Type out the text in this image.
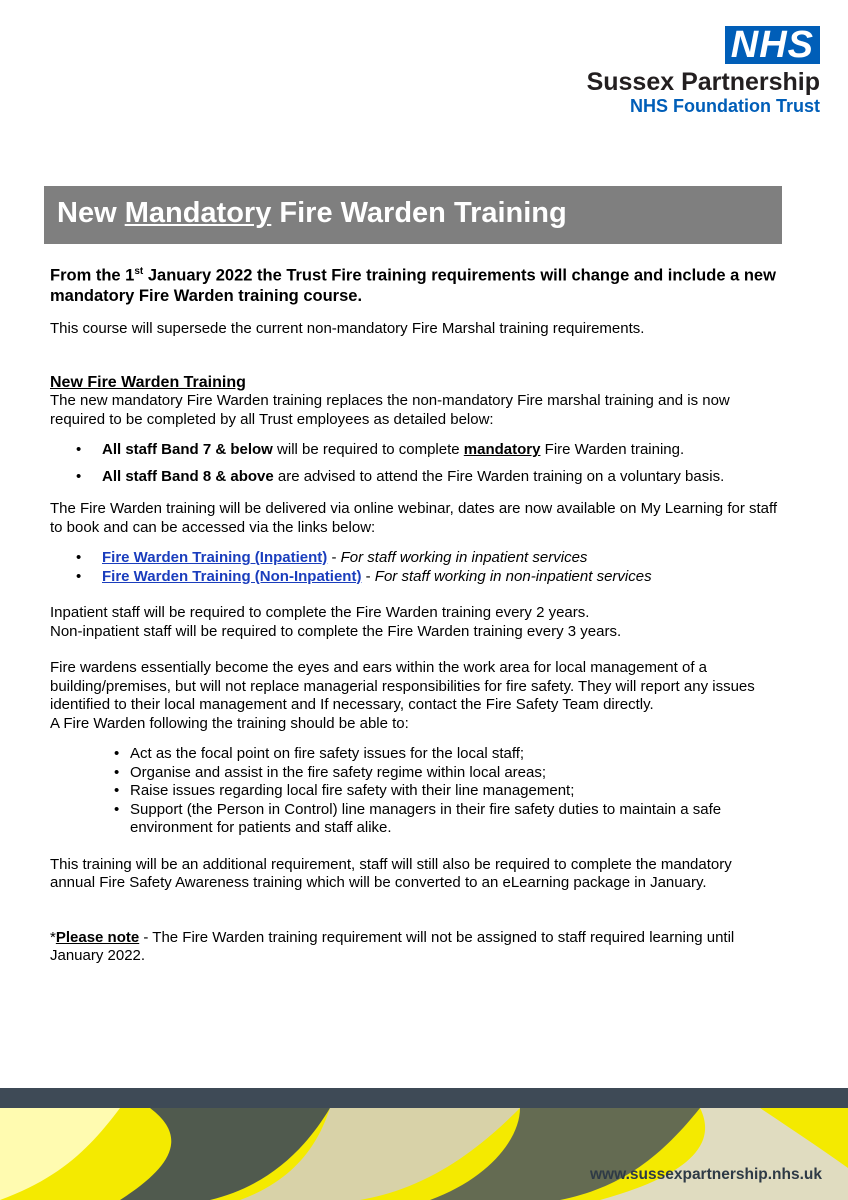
NHS
Sussex Partnership
NHS Foundation Trust
New Mandatory Fire Warden Training

From the 1st January 2022 the Trust Fire training requirements will change and include a new mandatory Fire Warden training course.

This course will supersede the current non-mandatory Fire Marshal training requirements.

New Fire Warden Training

The new mandatory Fire Warden training replaces the non-mandatory Fire marshal training and is now required to be completed by all Trust employees as detailed below:

• All staff Band 7 & below will be required to complete mandatory Fire Warden training.
• All staff Band 8 & above are advised to attend the Fire Warden training on a voluntary basis.

The Fire Warden training will be delivered via online webinar, dates are now available on My Learning for staff to book and can be accessed via the links below:

• Fire Warden Training (Inpatient) - For staff working in inpatient services
• Fire Warden Training (Non-Inpatient) - For staff working in non-inpatient services

Inpatient staff will be required to complete the Fire Warden training every 2 years.

Non-inpatient staff will be required to complete the Fire Warden training every 3 years.

Fire wardens essentially become the eyes and ears within the work area for local management of a building/premises, but will not replace managerial responsibilities for fire safety. They will report any issues identified to their local management and If necessary, contact the Fire Safety Team directly.

A Fire Warden following the training should be able to:

• Act as the focal point on fire safety issues for the local staff;
• Organise and assist in the fire safety regime within local areas;
• Raise issues regarding local fire safety with their line management;
• Support (the Person in Control) line managers in their fire safety duties to maintain a safe environment for patients and staff alike.

This training will be an additional requirement, staff will still also be required to complete the mandatory annual Fire Safety Awareness training which will be converted to an eLearning package in January.

*Please note - The Fire Warden training requirement will not be assigned to staff required learning until January 2022.

www.sussexpartnership.nhs.uk
